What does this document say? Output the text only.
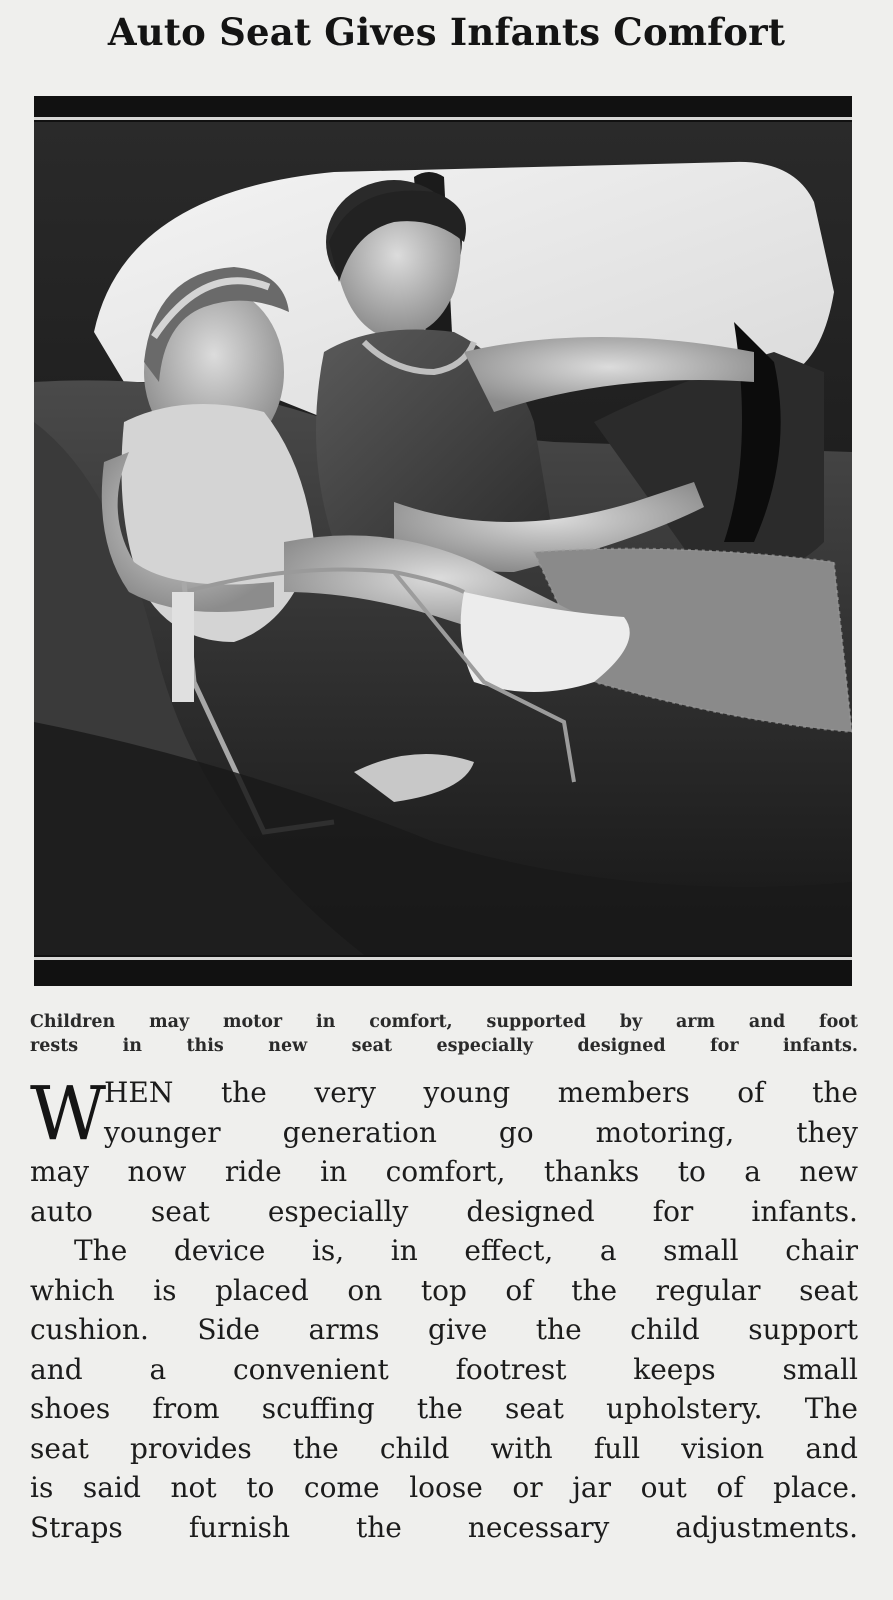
Auto Seat Gives Infants Comfort
Children may motor in comfort, supported by arm and foot
rests in this new seat especially designed for infants.
W
HEN the very young members of the
younger generation go motoring, they
may now ride in comfort, thanks to a new
auto seat especially designed for infants.
The device is, in effect, a small chair
which is placed on top of the regular seat
cushion. Side arms give the child support
and a convenient footrest keeps small
shoes from scuffing the seat upholstery. The
seat provides the child with full vision and
is said not to come loose or jar out of place.
Straps furnish the necessary adjustments.
